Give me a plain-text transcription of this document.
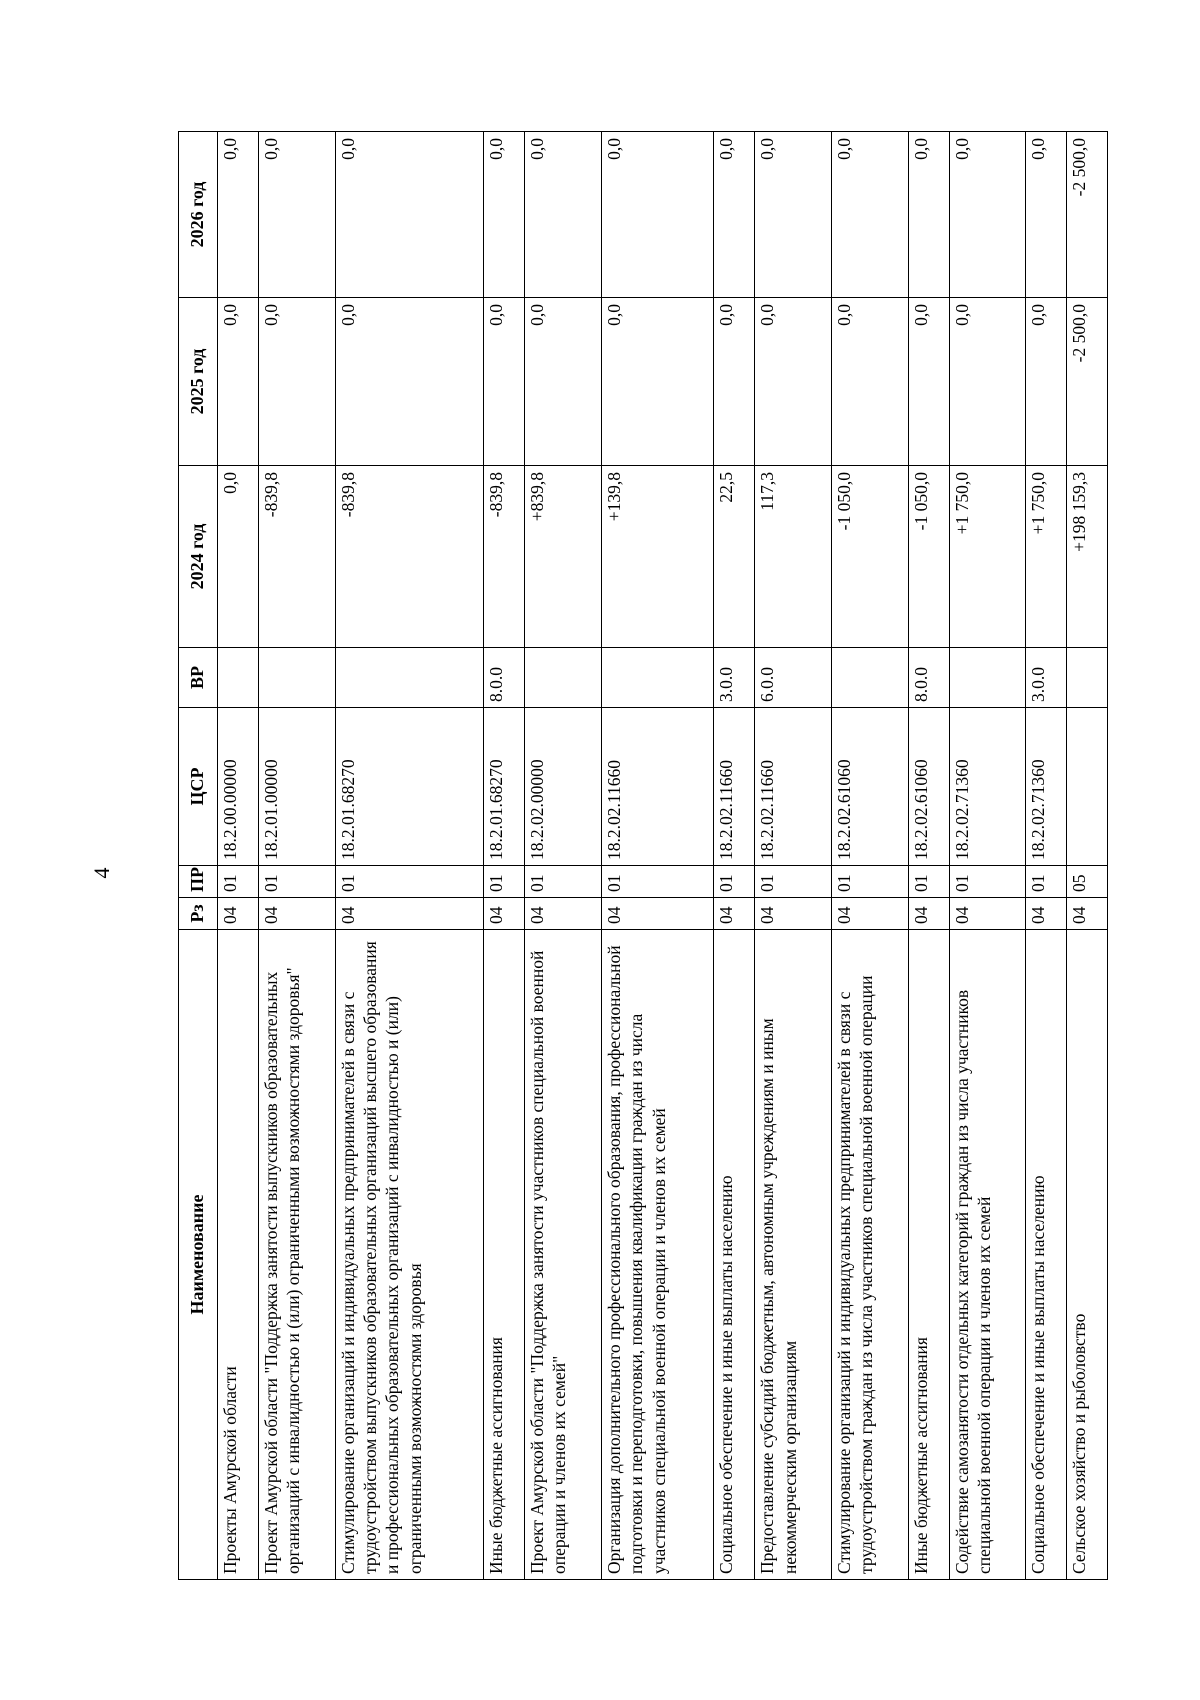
4
Наименование	Рз	ПР	ЦСР	ВР	2024 год	2025 год	2026 год
Проекты Амурской области	04	01	18.2.00.00000		0,0	0,0	0,0
Проект Амурской области "Поддержка занятости выпускников образовательных организаций с инвалидностью и (или) ограниченными возможностями здоровья"	04	01	18.2.01.00000		-839,8	0,0	0,0
Стимулирование организаций и индивидуальных предпринимателей в связи с трудоустройством выпускников образовательных организаций высшего образования и профессиональных образовательных организаций с инвалидностью и (или) ограниченными возможностями здоровья	04	01	18.2.01.68270		-839,8	0,0	0,0
Иные бюджетные ассигнования	04	01	18.2.01.68270	8.0.0	-839,8	0,0	0,0
Проект Амурской области "Поддержка занятости участников специальной военной операции и членов их семей"	04	01	18.2.02.00000		+839,8	0,0	0,0
Организация дополнительного профессионального образования, профессиональной подготовки и переподготовки, повышения квалификации граждан из числа участников специальной военной операции и членов их семей	04	01	18.2.02.11660		+139,8	0,0	0,0
Социальное обеспечение и иные выплаты населению	04	01	18.2.02.11660	3.0.0	22,5	0,0	0,0
Предоставление субсидий бюджетным, автономным учреждениям и иным некоммерческим организациям	04	01	18.2.02.11660	6.0.0	117,3	0,0	0,0
Стимулирование организаций и индивидуальных предпринимателей в связи с трудоустройством граждан из числа участников специальной военной операции	04	01	18.2.02.61060		-1 050,0	0,0	0,0
Иные бюджетные ассигнования	04	01	18.2.02.61060	8.0.0	-1 050,0	0,0	0,0
Содействие самозанятости отдельных категорий граждан из числа участников специальной военной операции и членов их семей	04	01	18.2.02.71360		+1 750,0	0,0	0,0
Социальное обеспечение и иные выплаты населению	04	01	18.2.02.71360	3.0.0	+1 750,0	0,0	0,0
Сельское хозяйство и рыболовство	04	05			+198 159,3	-2 500,0	-2 500,0
